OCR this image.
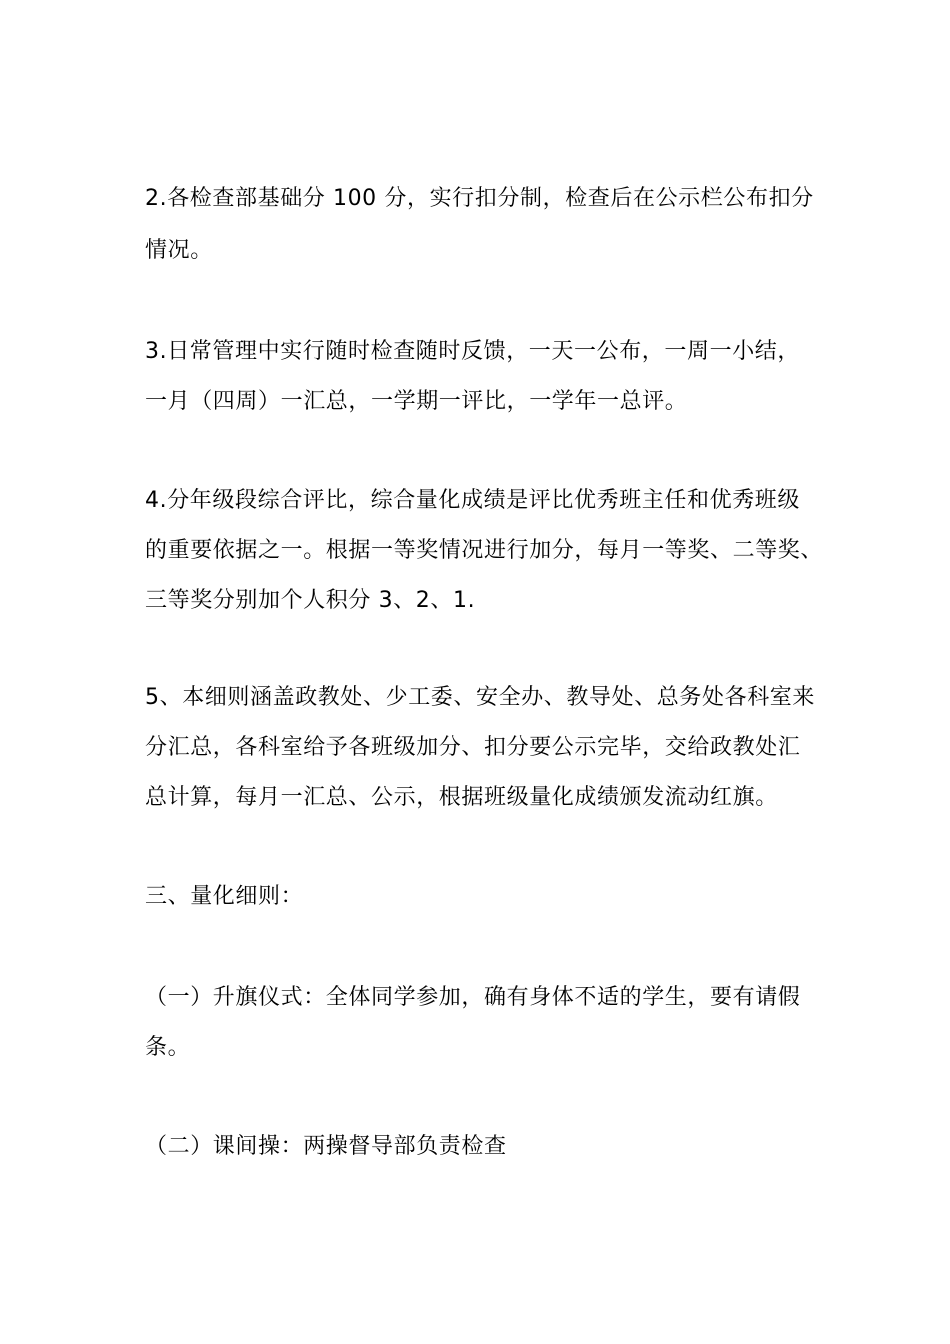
2.各检查部基础分 100 分，实行扣分制，检查后在公示栏公布扣分
情况。
3.日常管理中实行随时检查随时反馈，一天一公布，一周一小结，
一月（四周）一汇总，一学期一评比，一学年一总评。
4.分年级段综合评比，综合量化成绩是评比优秀班主任和优秀班级
的重要依据之一。根据一等奖情况进行加分，每月一等奖、二等奖、
三等奖分别加个人积分 3、2、1.
5、本细则涵盖政教处、少工委、安全办、教导处、总务处各科室来
分汇总，各科室给予各班级加分、扣分要公示完毕，交给政教处汇
总计算，每月一汇总、公示，根据班级量化成绩颁发流动红旗。
三、量化细则：
（一）升旗仪式：全体同学参加，确有身体不适的学生，要有请假
条。
（二）课间操：两操督导部负责检查
